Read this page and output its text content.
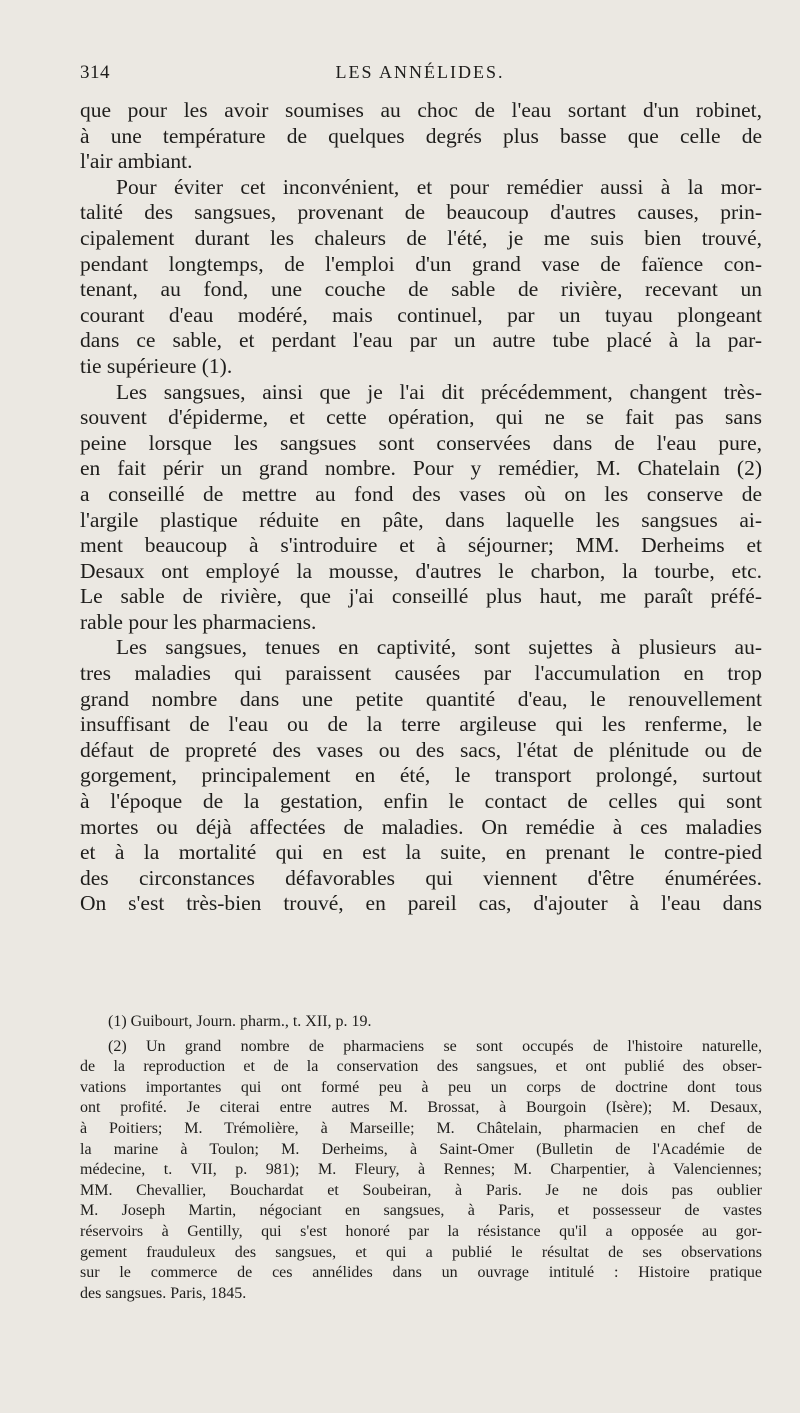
314	LES ANNÉLIDES.
que pour les avoir soumises au choc de l'eau sortant d'un robinet,
à une température de quelques degrés plus basse que celle de
l'air ambiant.
Pour éviter cet inconvénient, et pour remédier aussi à la mor-
talité des sangsues, provenant de beaucoup d'autres causes, prin-
cipalement durant les chaleurs de l'été, je me suis bien trouvé,
pendant longtemps, de l'emploi d'un grand vase de faïence con-
tenant, au fond, une couche de sable de rivière, recevant un
courant d'eau modéré, mais continuel, par un tuyau plongeant
dans ce sable, et perdant l'eau par un autre tube placé à la par-
tie supérieure (1).
Les sangsues, ainsi que je l'ai dit précédemment, changent très-
souvent d'épiderme, et cette opération, qui ne se fait pas sans
peine lorsque les sangsues sont conservées dans de l'eau pure,
en fait périr un grand nombre. Pour y remédier, M. Chatelain (2)
a conseillé de mettre au fond des vases où on les conserve de
l'argile plastique réduite en pâte, dans laquelle les sangsues ai-
ment beaucoup à s'introduire et à séjourner; MM. Derheims et
Desaux ont employé la mousse, d'autres le charbon, la tourbe, etc.
Le sable de rivière, que j'ai conseillé plus haut, me paraît préfé-
rable pour les pharmaciens.
Les sangsues, tenues en captivité, sont sujettes à plusieurs au-
tres maladies qui paraissent causées par l'accumulation en trop
grand nombre dans une petite quantité d'eau, le renouvellement
insuffisant de l'eau ou de la terre argileuse qui les renferme, le
défaut de propreté des vases ou des sacs, l'état de plénitude ou de
gorgement, principalement en été, le transport prolongé, surtout
à l'époque de la gestation, enfin le contact de celles qui sont
mortes ou déjà affectées de maladies. On remédie à ces maladies
et à la mortalité qui en est la suite, en prenant le contre-pied
des circonstances défavorables qui viennent d'être énumérées.
On s'est très-bien trouvé, en pareil cas, d'ajouter à l'eau dans
(1) Guibourt, Journ. pharm., t. XII, p. 19.
(2) Un grand nombre de pharmaciens se sont occupés de l'histoire naturelle,
de la reproduction et de la conservation des sangsues, et ont publié des obser-
vations importantes qui ont formé peu à peu un corps de doctrine dont tous
ont profité. Je citerai entre autres M. Brossat, à Bourgoin (Isère); M. Desaux,
à Poitiers; M. Trémolière, à Marseille; M. Châtelain, pharmacien en chef de
la marine à Toulon; M. Derheims, à Saint-Omer (Bulletin de l'Académie de
médecine, t. VII, p. 981); M. Fleury, à Rennes; M. Charpentier, à Valenciennes;
MM. Chevallier, Bouchardat et Soubeiran, à Paris. Je ne dois pas oublier
M. Joseph Martin, négociant en sangsues, à Paris, et possesseur de vastes
réservoirs à Gentilly, qui s'est honoré par la résistance qu'il a opposée au gor-
gement frauduleux des sangsues, et qui a publié le résultat de ses observations
sur le commerce de ces annélides dans un ouvrage intitulé : Histoire pratique
des sangsues. Paris, 1845.
